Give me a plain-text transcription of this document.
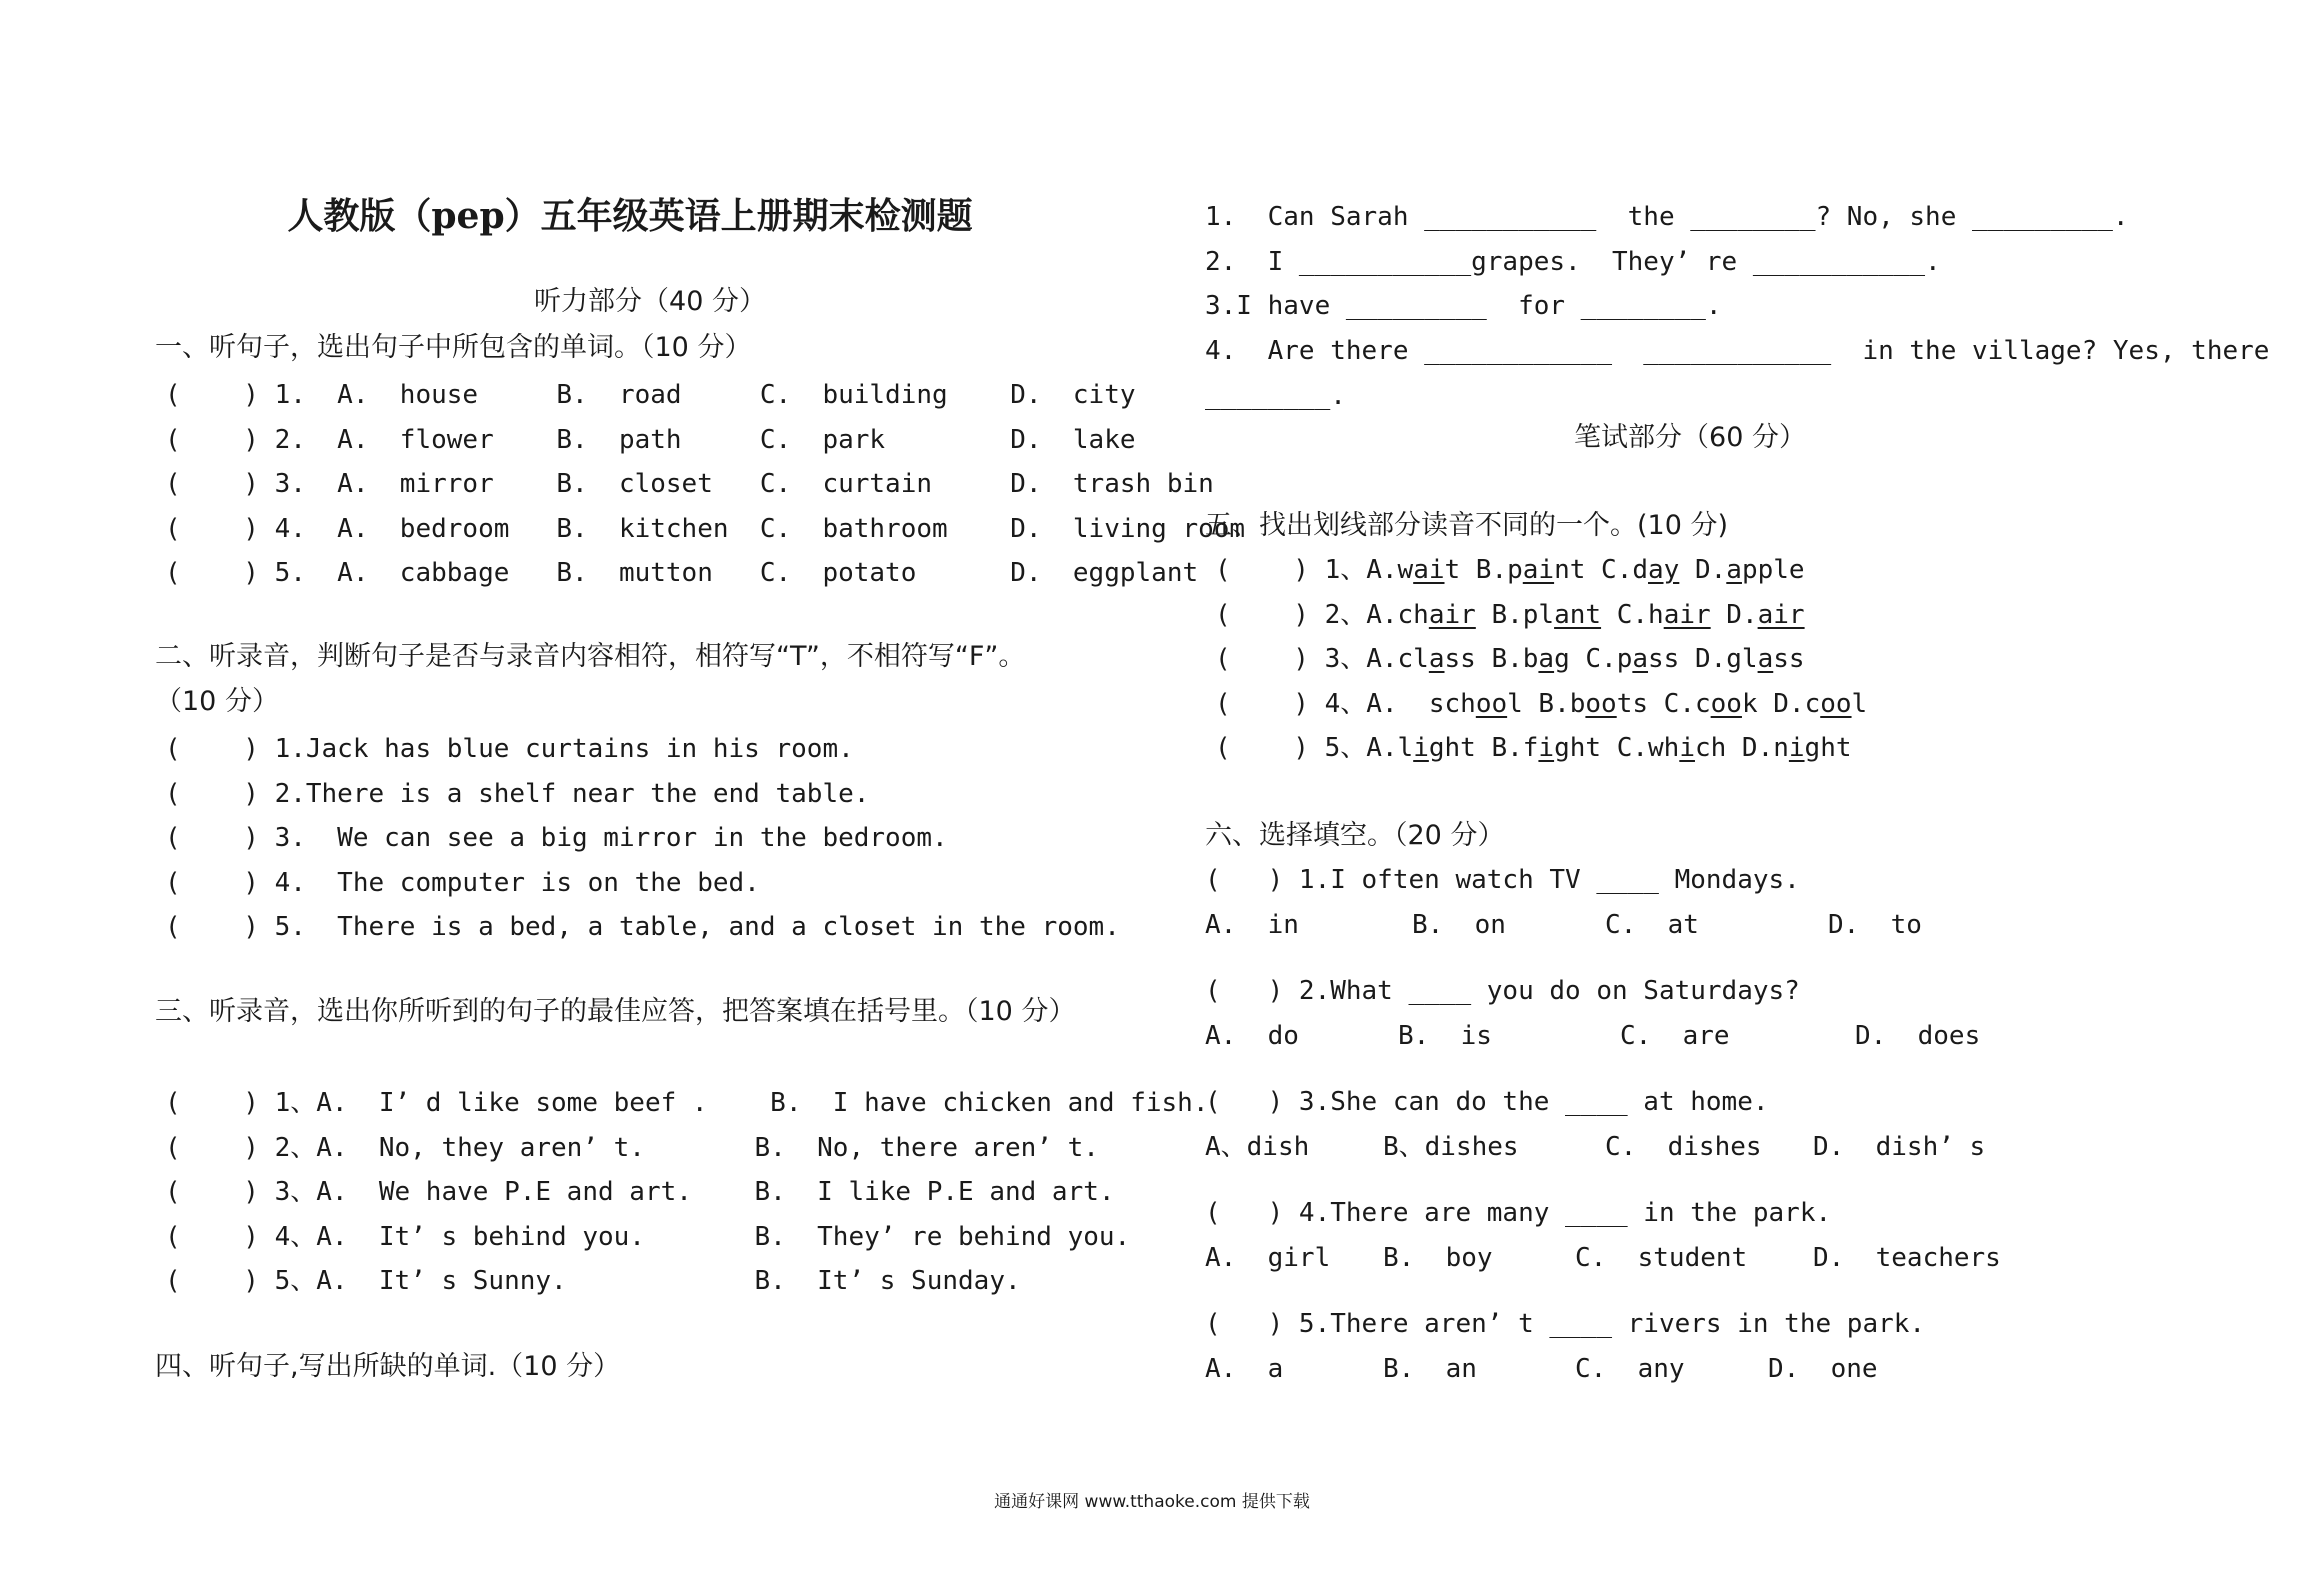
人教版（pep）五年级英语上册期末检测题
听力部分（40 分）
一、听句子，选出句子中所包含的单词。（10 分）
(    ) 1.  A.  house     B.  road     C.  building    D.  city
(    ) 2.  A.  flower    B.  path     C.  park        D.  lake
(    ) 3.  A.  mirror    B.  closet   C.  curtain     D.  trash bin
(    ) 4.  A.  bedroom   B.  kitchen  C.  bathroom    D.  living room
(    ) 5.  A.  cabbage   B.  mutton   C.  potato      D.  eggplant
二、听录音，判断句子是否与录音内容相符，相符写“T”，不相符写“F”。
（10 分）
(    ) 1.Jack has blue curtains in his room.
(    ) 2.There is a shelf near the end table.
(    ) 3.  We can see a big mirror in the bedroom.
(    ) 4.  The computer is on the bed.
(    ) 5.  There is a bed, a table, and a closet in the room.
三、听录音，选出你所听到的句子的最佳应答，把答案填在括号里。（10 分）
(    ) 1、A.  I’ d like some beef .    B.  I have chicken and fish.
(    ) 2、A.  No, they aren’ t.       B.  No, there aren’ t.
(    ) 3、A.  We have P.E and art.    B.  I like P.E and art.
(    ) 4、A.  It’ s behind you.       B.  They’ re behind you.
(    ) 5、A.  It’ s Sunny.            B.  It’ s Sunday.
四、听句子,写出所缺的单词.（10 分）
1.  Can Sarah ___________  the ________? No, she _________.
2.  I ___________grapes.  They’ re ___________.
3.I have _________  for ________.
4.  Are there ____________  ____________  in the village? Yes, there
________.
笔试部分（60 分）
五、找出划线部分读音不同的一个。(10 分)
(    ) 1、A.wait B.paint C.day D.apple
(    ) 2、A.chair B.plant C.hair D.air
(    ) 3、A.class B.bag C.pass D.glass
(    ) 4、A.  school B.boots C.cook D.cool
(    ) 5、A.light B.fight C.which D.night
六、选择填空。（20 分）
(   ) 1.I often watch TV ____ Mondays.
A.  in	B.  on	C.  at	D.  to
(   ) 2.What ____ you do on Saturdays?
A.  do	B.  is	C.  are	D.  does
(   ) 3.She can do the ____ at home.
A、dish	B、dishes	C.  dishes D.  dish’ s
(   ) 4.There are many ____ in the park.
A.  girl B.  boy	C.  student	D.  teachers
(   ) 5.There aren’ t ____ rivers in the park.
A.  a	B.  an	C.  any	D.  one
通通好课网 www.tthaoke.com 提供下载
